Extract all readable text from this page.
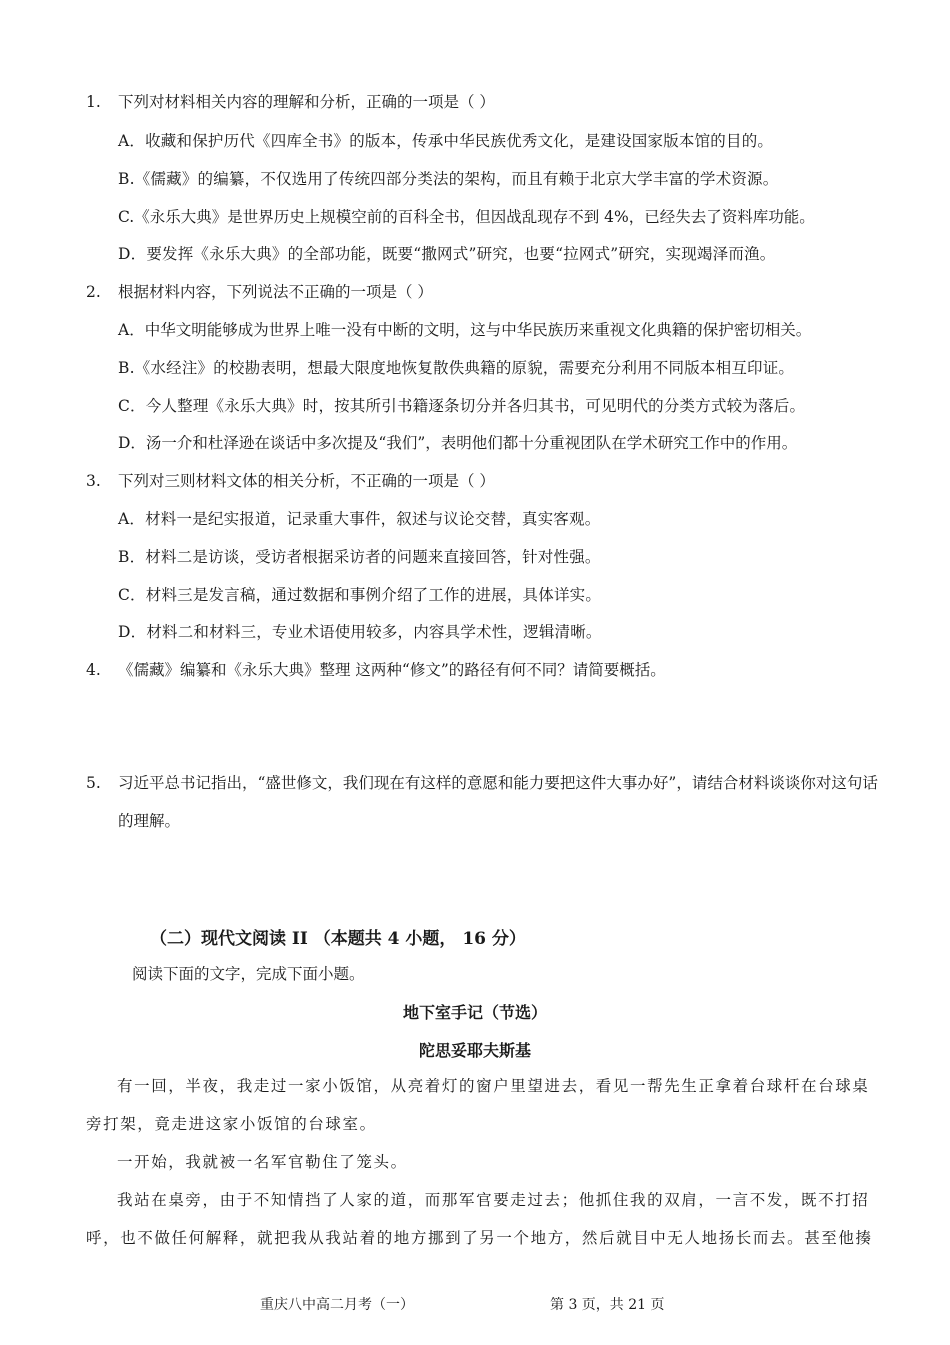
1. 下列对材料相关内容的理解和分析，正确的一项是（ ）
A．收藏和保护历代《四库全书》的版本，传承中华民族优秀文化，是建设国家版本馆的目的。
B.《儒藏》的编纂，不仅选用了传统四部分类法的架构，而且有赖于北京大学丰富的学术资源。
C.《永乐大典》是世界历史上规模空前的百科全书，但因战乱现存不到 4%，已经失去了资料库功能。
D．要发挥《永乐大典》的全部功能，既要“撒网式”研究，也要“拉网式”研究，实现竭泽而渔。
2. 根据材料内容，下列说法不正确的一项是（ ）
A．中华文明能够成为世界上唯一没有中断的文明，这与中华民族历来重视文化典籍的保护密切相关。
B.《水经注》的校勘表明，想最大限度地恢复散佚典籍的原貌，需要充分利用不同版本相互印证。
C．今人整理《永乐大典》时，按其所引书籍逐条切分并各归其书，可见明代的分类方式较为落后。
D．汤一介和杜泽逊在谈话中多次提及“我们”，表明他们都十分重视团队在学术研究工作中的作用。
3. 下列对三则材料文体的相关分析，不正确的一项是（ ）
A．材料一是纪实报道，记录重大事件，叙述与议论交替，真实客观。
B．材料二是访谈，受访者根据采访者的问题来直接回答，针对性强。
C．材料三是发言稿，通过数据和事例介绍了工作的进展，具体详实。
D．材料二和材料三，专业术语使用较多，内容具学术性，逻辑清晰。
4. 《儒藏》编纂和《永乐大典》整理 这两种“修文”的路径有何不同？请简要概括。
5. 习近平总书记指出，“盛世修文，我们现在有这样的意愿和能力要把这件大事办好”，请结合材料谈谈你对这句话的理解。
（二）现代文阅读 II （本题共 4 小题， 16 分）
阅读下面的文字，完成下面小题。
地下室手记（节选）
陀思妥耶夫斯基
有一回，半夜，我走过一家小饭馆，从亮着灯的窗户里望进去，看见一帮先生正拿着台球杆在台球桌旁打架，竟走进这家小饭馆的台球室。
一开始，我就被一名军官勒住了笼头。
我站在桌旁，由于不知情挡了人家的道，而那军官要走过去；他抓住我的双肩，一言不发，既不打招呼，也不做任何解释，就把我从我站着的地方挪到了另一个地方，然后就目中无人地扬长而去。甚至他揍
重庆八中高二月考（一）	第 3 页，共 21 页
